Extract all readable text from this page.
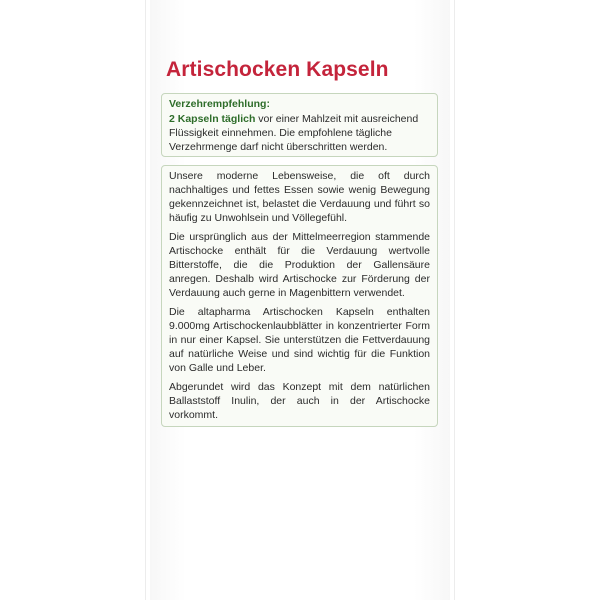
Artischocken Kapseln
Verzehrempfehlung:
2 Kapseln täglich vor einer Mahlzeit mit ausreichend Flüssigkeit einnehmen. Die empfohlene tägliche Verzehrmenge darf nicht überschritten werden.

Unsere moderne Lebensweise, die oft durch nachhaltiges und fettes Essen sowie wenig Bewegung gekennzeichnet ist, belastet die Verdauung und führt so häufig zu Unwohlsein und Völlegefühl.

Die ursprünglich aus der Mittelmeerregion stammende Artischocke enthält für die Verdauung wertvolle Bitterstoffe, die die Produktion der Gallensäure anregen. Deshalb wird Artischocke zur Förderung der Verdauung auch gerne in Magenbittern verwendet.

Die altapharma Artischocken Kapseln enthalten 9.000mg Artischockenlaubblätter in konzentrierter Form in nur einer Kapsel. Sie unterstützen die Fettverdauung auf natürliche Weise und sind wichtig für die Funktion von Galle und Leber.

Abgerundet wird das Konzept mit dem natürlichen Ballaststoff Inulin, der auch in der Artischocke vorkommt.
